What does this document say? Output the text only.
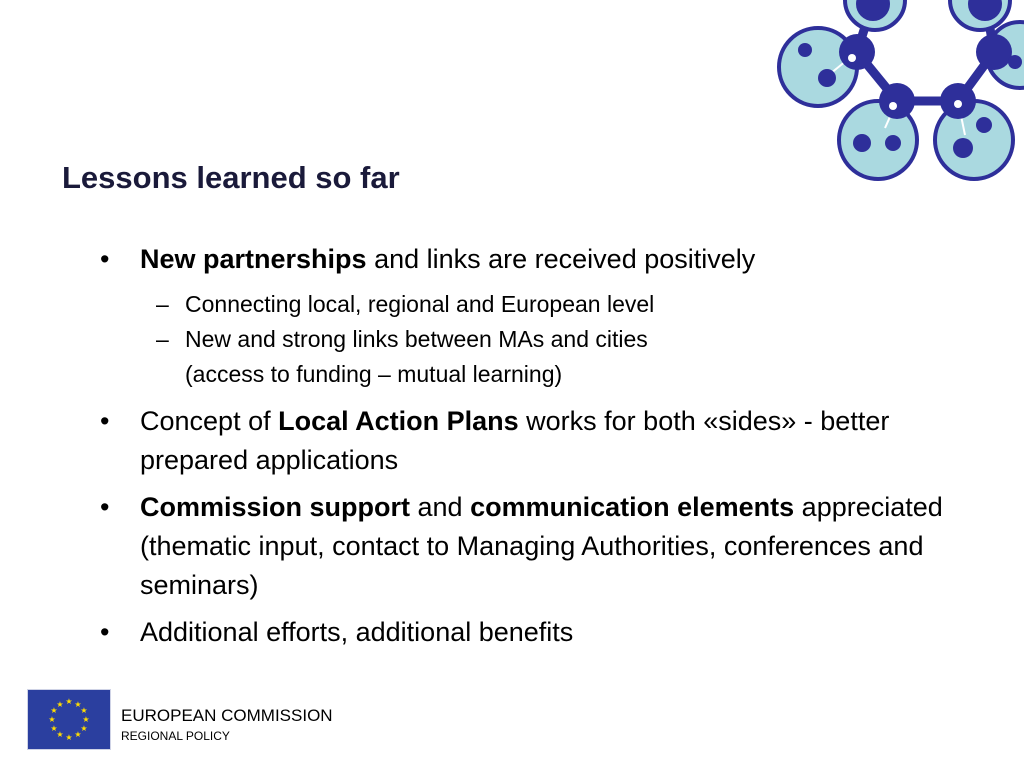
Lessons learned so far
• New partnerships and links are received positively
– Connecting local, regional and European level
– New and strong links between MAs and cities
(access to funding – mutual learning)
• Concept of Local Action Plans works for both «sides» - better prepared applications
• Commission support and communication elements appreciated (thematic input, contact to Managing Authorities, conferences and seminars)
• Additional efforts, additional benefits
★ ★
★
★
★
★
★
★
★
★
★
★
EUROPEAN COMMISSION
REGIONAL POLICY
